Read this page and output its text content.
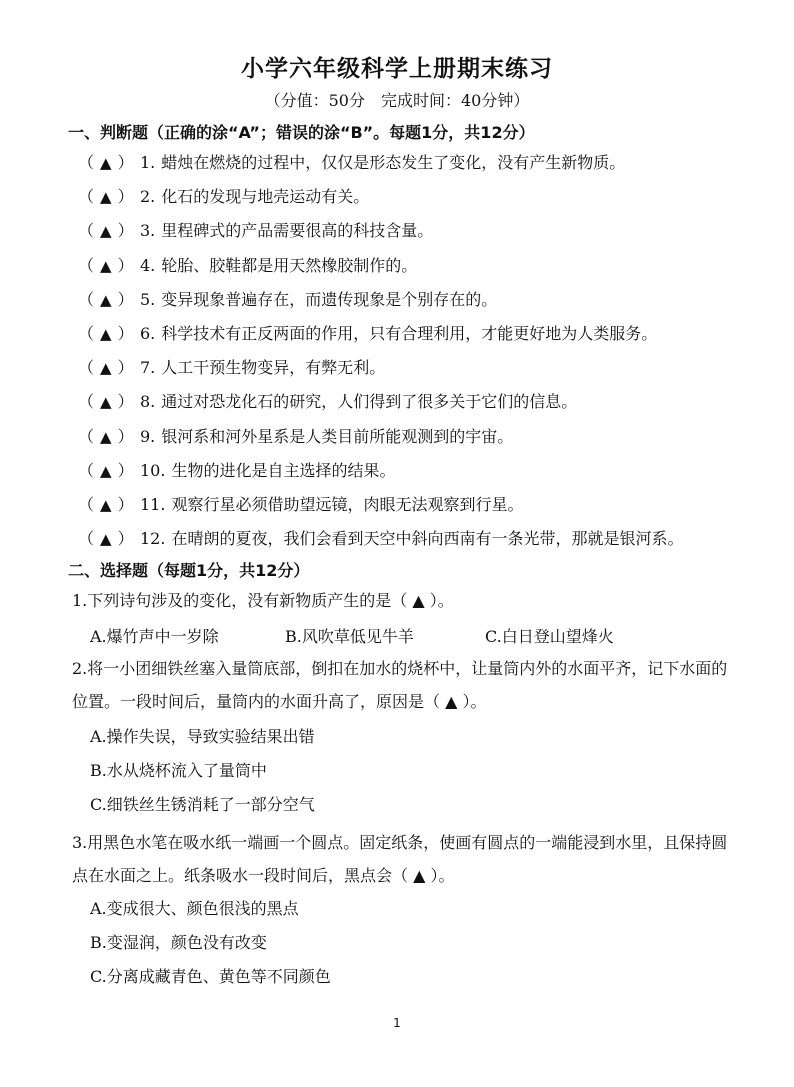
小学六年级科学上册期末练习
（分值：50分　完成时间：40分钟）
一、判断题（正确的涂“A”；错误的涂“B”。每题1分，共12分）
（ ▲ ） 1. 蜡烛在燃烧的过程中，仅仅是形态发生了变化，没有产生新物质。
（ ▲ ） 2. 化石的发现与地壳运动有关。
（ ▲ ） 3. 里程碑式的产品需要很高的科技含量。
（ ▲ ） 4. 轮胎、胶鞋都是用天然橡胶制作的。
（ ▲ ） 5. 变异现象普遍存在，而遗传现象是个别存在的。
（ ▲ ） 6. 科学技术有正反两面的作用，只有合理利用，才能更好地为人类服务。
（ ▲ ） 7. 人工干预生物变异，有弊无利。
（ ▲ ） 8. 通过对恐龙化石的研究，人们得到了很多关于它们的信息。
（ ▲ ） 9. 银河系和河外星系是人类目前所能观测到的宇宙。
（ ▲ ） 10. 生物的进化是自主选择的结果。
（ ▲ ） 11. 观察行星必须借助望远镜，肉眼无法观察到行星。
（ ▲ ） 12. 在晴朗的夏夜，我们会看到天空中斜向西南有一条光带，那就是银河系。
二、选择题（每题1分，共12分）
1.下列诗句涉及的变化，没有新物质产生的是（ ▲ ）。
A.爆竹声中一岁除	B.风吹草低见牛羊	C.白日登山望烽火
2.将一小团细铁丝塞入量筒底部，倒扣在加水的烧杯中，让量筒内外的水面平齐，记下水面的位置。一段时间后，量筒内的水面升高了，原因是（ ▲ ）。
A.操作失误，导致实验结果出错
B.水从烧杯流入了量筒中
C.细铁丝生锈消耗了一部分空气
3.用黑色水笔在吸水纸一端画一个圆点。固定纸条，使画有圆点的一端能浸到水里，且保持圆点在水面之上。纸条吸水一段时间后，黑点会（ ▲ ）。
A.变成很大、颜色很浅的黑点
B.变湿润，颜色没有改变
C.分离成藏青色、黄色等不同颜色
1
